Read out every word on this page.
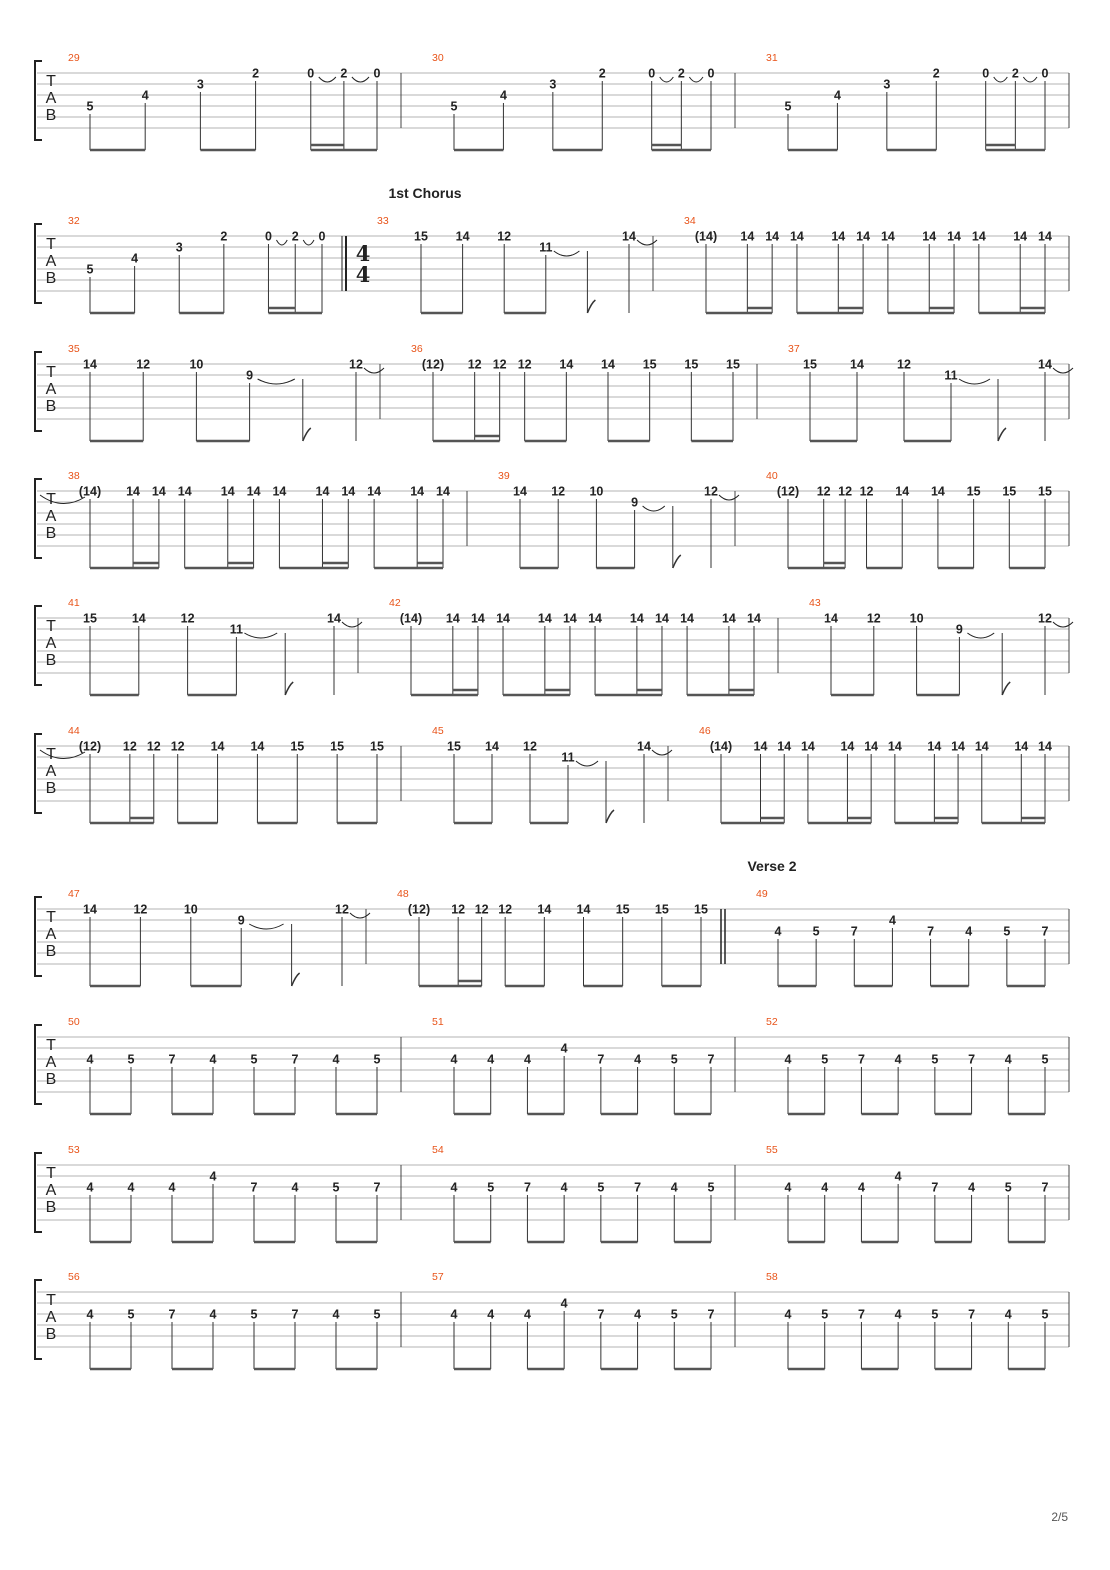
T
A
B
29
5
4
3
2	0 2 0
30
5
4
3
2	0 2 0
31
5
4
3
2	0 2 0
T
A
B
1st Chorus
32
5
4
3
2	0 2 0
33
4
4
15 14 12
11
14
34
(14) 14 14 14 14 14 14 14 14 14 14 14
T
A
B
35
14	12	10
9
12
36
(12) 12 12 12 14 14 15 15 15
37
15	14	12
11
14
T
A
B
38
(14) 14 14 14 14 14 14 14 14 14 14 14
39
14 12 10
9
12
40
(12) 12 12 12 14 14 15 15 15
T
A
B
41
15	14	12
11
14
42
(14) 14 14 14 14 14 14 14 14 14 14 14
43
14 12 10
9
12
T
A
B
44
(12) 12 12 12 14 14 15 15 15
45
15 14 12
11
14
46
(14) 14 14 14 14 14 14 14 14 14 14 14
T
A
B
Verse 2
47
14	12	10
9
12
48
(12) 12 12 12 14 14 15 15 15
49
4 5 7
4
7 4 5 7
T
A
B
50
4	5	7	4	5	7	4	5
51
4 4 4
4
7 4 5 7
52
4 5 7 4 5 7 4 5
T
A
B
53
4	4	4
4
7	4	5	7
54
4 5 7 4 5 7 4 5
55
4 4 4
4
7 4 5 7
T
A
B
56
4	5	7	4	5	7	4	5
57
4 4 4
4
7 4 5 7
58
4 5 7 4 5 7 4 5
2/5
